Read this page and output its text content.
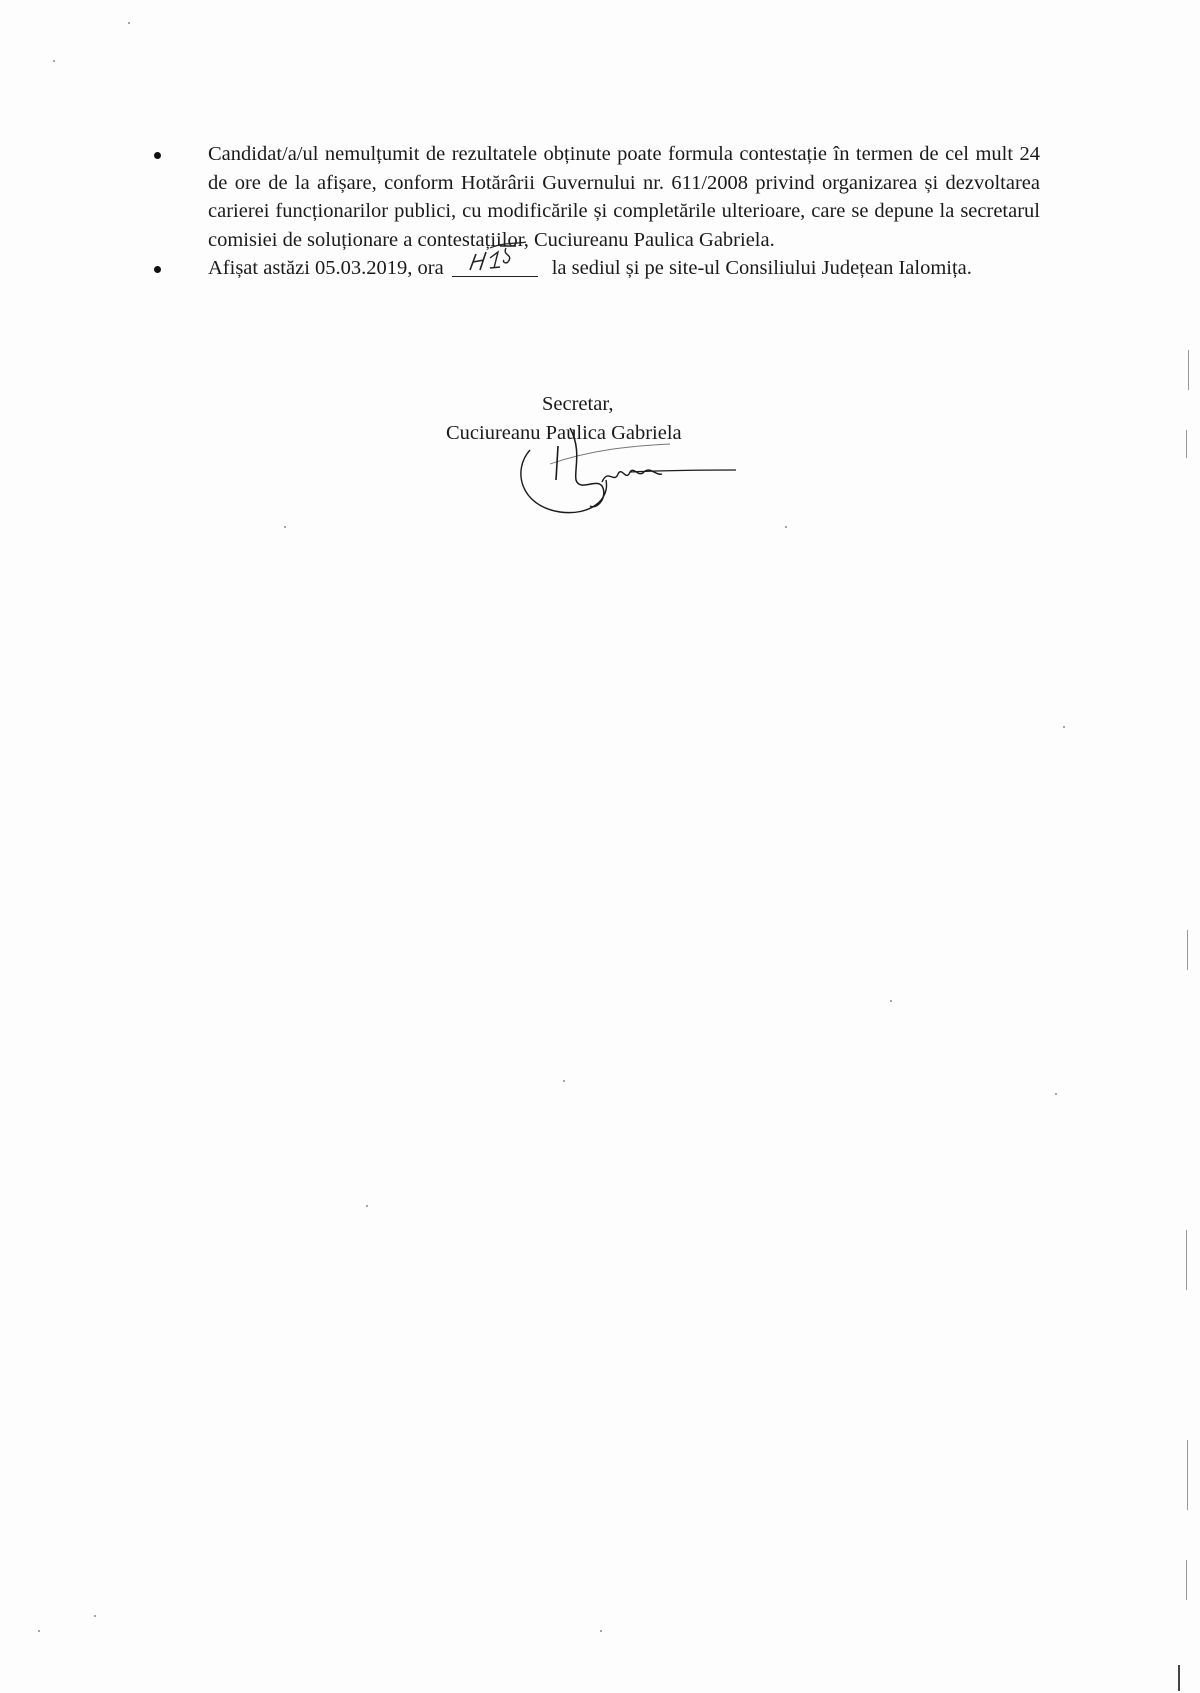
Candidat/a/ul nemulțumit de rezultatele obținute poate formula contestație în termen de cel mult 24 de ore de la afișare, conform Hotărârii Guvernului nr. 611/2008 privind organizarea și dezvoltarea carierei funcționarilor publici, cu modificările și completările ulterioare, care se depune la secretarul comisiei de soluționare a contestațiilor, Cuciureanu Paulica Gabriela.
Afișat astăzi 05.03.2019, ora	la sediul și pe site-ul Consiliului Județean Ialomița.
Secretar,
Cuciureanu Paulica Gabriela
